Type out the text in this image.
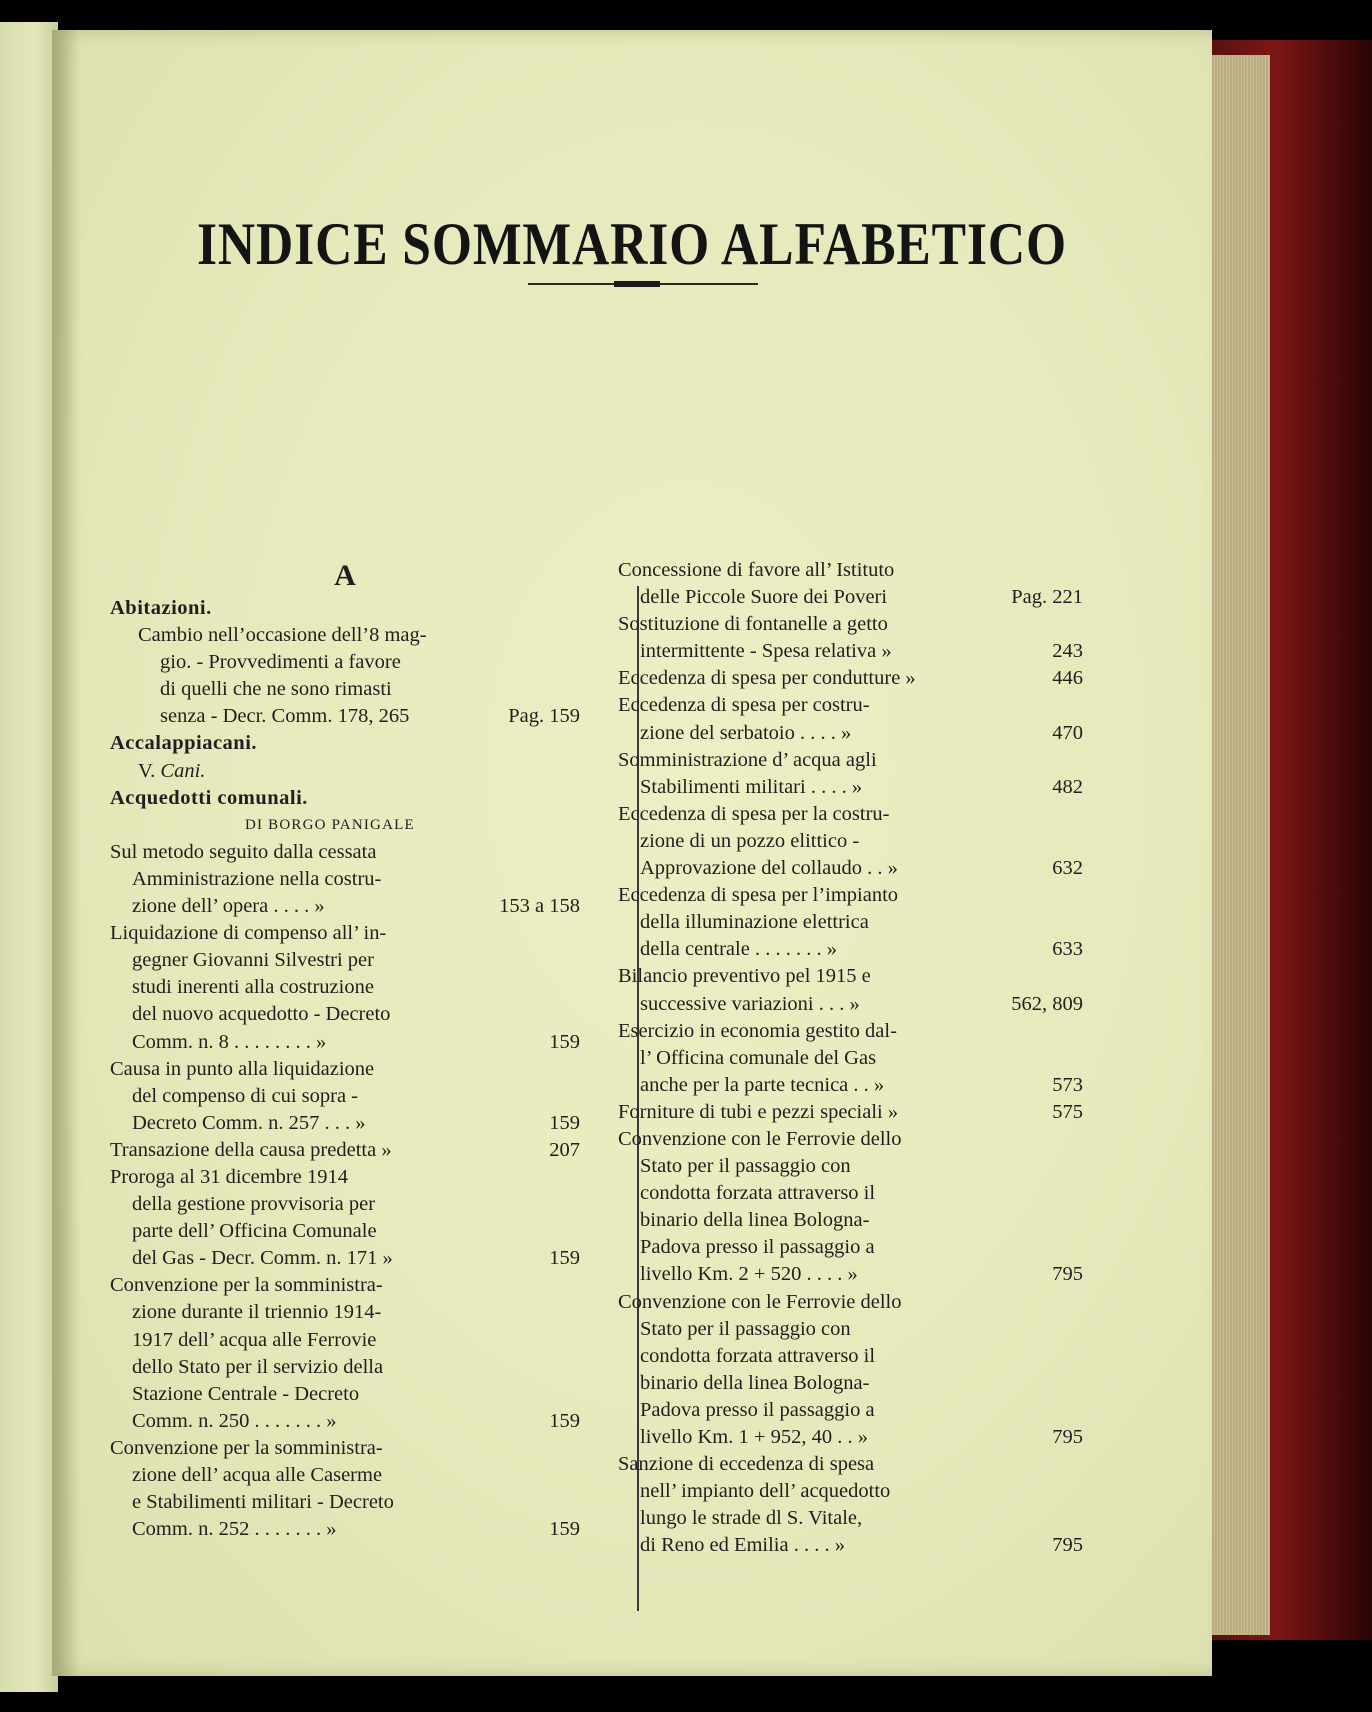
INDICE SOMMARIO ALFABETICO
A
Abitazioni.
Cambio nell’occasione dell’8 mag-
gio. - Provvedimenti a favore
di quelli che ne sono rimasti
senza - Decr. Comm. 178, 265	Pag. 159
Accalappiacani.
V. Cani.
Acquedotti comunali.
DI BORGO PANIGALE
Sul metodo seguito dalla cessata
Amministrazione nella costru-
zione dell’ opera . . . . »	153 a 158
Liquidazione di compenso all’ in-
gegner Giovanni Silvestri per
studi inerenti alla costruzione
del nuovo acquedotto - Decreto
Comm. n. 8 . . . . . . . . »	159
Causa in punto alla liquidazione
del compenso di cui sopra -
Decreto Comm. n. 257 . . . »	159
Transazione della causa predetta »	207
Proroga al 31 dicembre 1914
della gestione provvisoria per
parte dell’ Officina Comunale
del Gas - Decr. Comm. n. 171 »	159
Convenzione per la somministra-
zione durante il triennio 1914-
1917 dell’ acqua alle Ferrovie
dello Stato per il servizio della
Stazione Centrale - Decreto
Comm. n. 250 . . . . . . . »	159
Convenzione per la somministra-
zione dell’ acqua alle Caserme
e Stabilimenti militari - Decreto
Comm. n. 252 . . . . . . . »	159
Concessione di favore all’ Istituto
delle Piccole Suore dei Poveri	Pag. 221
Sostituzione di fontanelle a getto
intermittente - Spesa relativa »	243
Eccedenza di spesa per condutture »	446
Eccedenza di spesa per costru-
zione del serbatoio . . . . »	470
Somministrazione d’ acqua agli
Stabilimenti militari . . . . »	482
Eccedenza di spesa per la costru-
zione di un pozzo elittico -
Approvazione del collaudo . . »	632
Eccedenza di spesa per l’impianto
della illuminazione elettrica
della centrale . . . . . . . »	633
Bilancio preventivo pel 1915 e
successive variazioni . . . »	562, 809
Esercizio in economia gestito dal-
l’ Officina comunale del Gas
anche per la parte tecnica . . »	573
Forniture di tubi e pezzi speciali »	575
Convenzione con le Ferrovie dello
Stato per il passaggio con
condotta forzata attraverso il
binario della linea Bologna-
Padova presso il passaggio a
livello Km. 2 + 520 . . . . »	795
Convenzione con le Ferrovie dello
Stato per il passaggio con
condotta forzata attraverso il
binario della linea Bologna-
Padova presso il passaggio a
livello Km. 1 + 952, 40 . . »	795
Sanzione di eccedenza di spesa
nell’ impianto dell’ acquedotto
lungo le strade dl S. Vitale,
di Reno ed Emilia . . . . »	795
